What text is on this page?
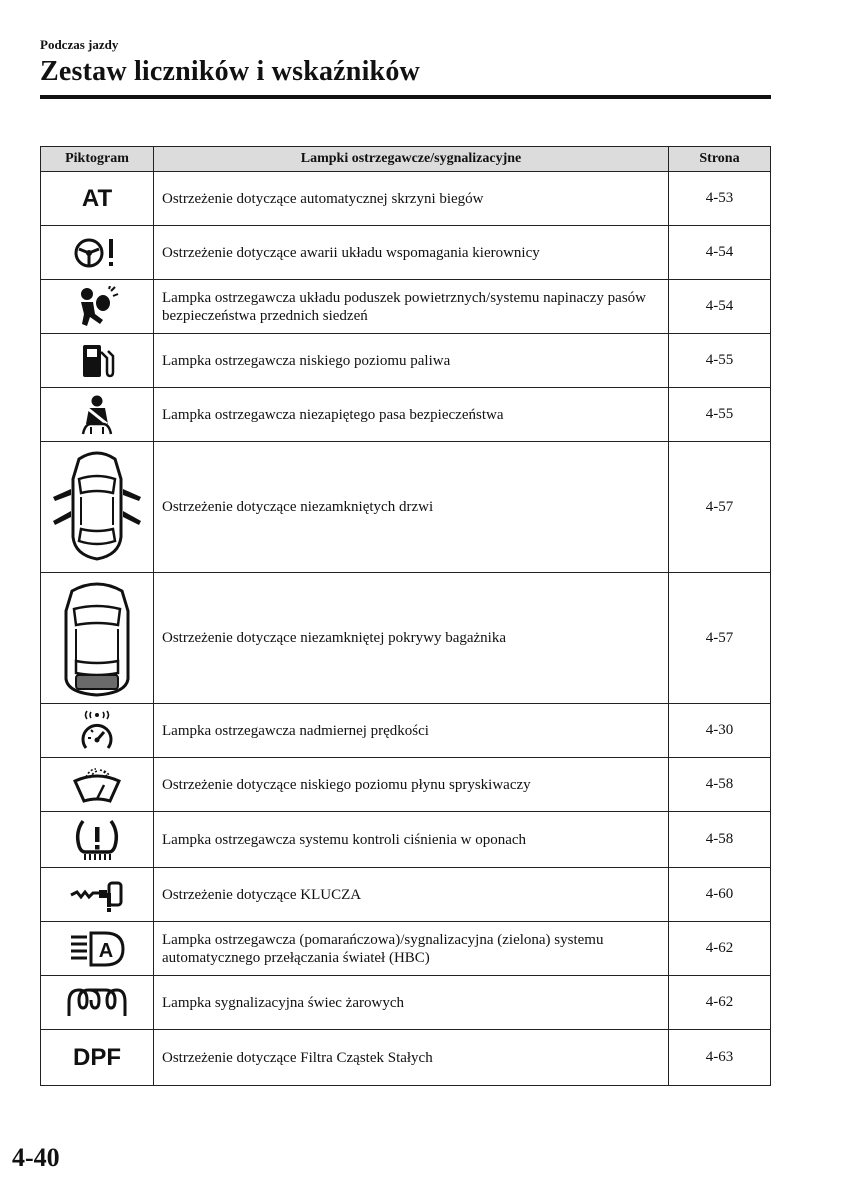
Podczas jazdy
Zestaw liczników i wskaźników
Piktogram	Lampki ostrzegawcze/sygnalizacyjne	Strona
AT	Ostrzeżenie dotyczące automatycznej skrzyni biegów	4-53

	Ostrzeżenie dotyczące awarii układu wspomagania kierownicy	4-54

	Lampka ostrzegawcza układu poduszek powietrznych/systemu napinaczy pasów bezpieczeństwa przednich siedzeń	4-54

	Lampka ostrzegawcza niskiego poziomu paliwa	4-55

	Lampka ostrzegawcza niezapiętego pasa bezpieczeństwa	4-55

	Ostrzeżenie dotyczące niezamkniętych drzwi	4-57

	Ostrzeżenie dotyczące niezamkniętej pokrywy bagażnika	4-57

	Lampka ostrzegawcza nadmiernej prędkości	4-30

	Ostrzeżenie dotyczące niskiego poziomu płynu spryskiwaczy	4-58

	Lampka ostrzegawcza systemu kontroli ciśnienia w oponach	4-58

	Ostrzeżenie dotyczące KLUCZA	4-60

A	Lampka ostrzegawcza (pomarańczowa)/sygnalizacyjna (zielona) systemu automatycznego przełączania świateł (HBC)	4-62

	Lampka sygnalizacyjna świec żarowych	4-62
DPF	Ostrzeżenie dotyczące Filtra Cząstek Stałych	4-63
4-40
